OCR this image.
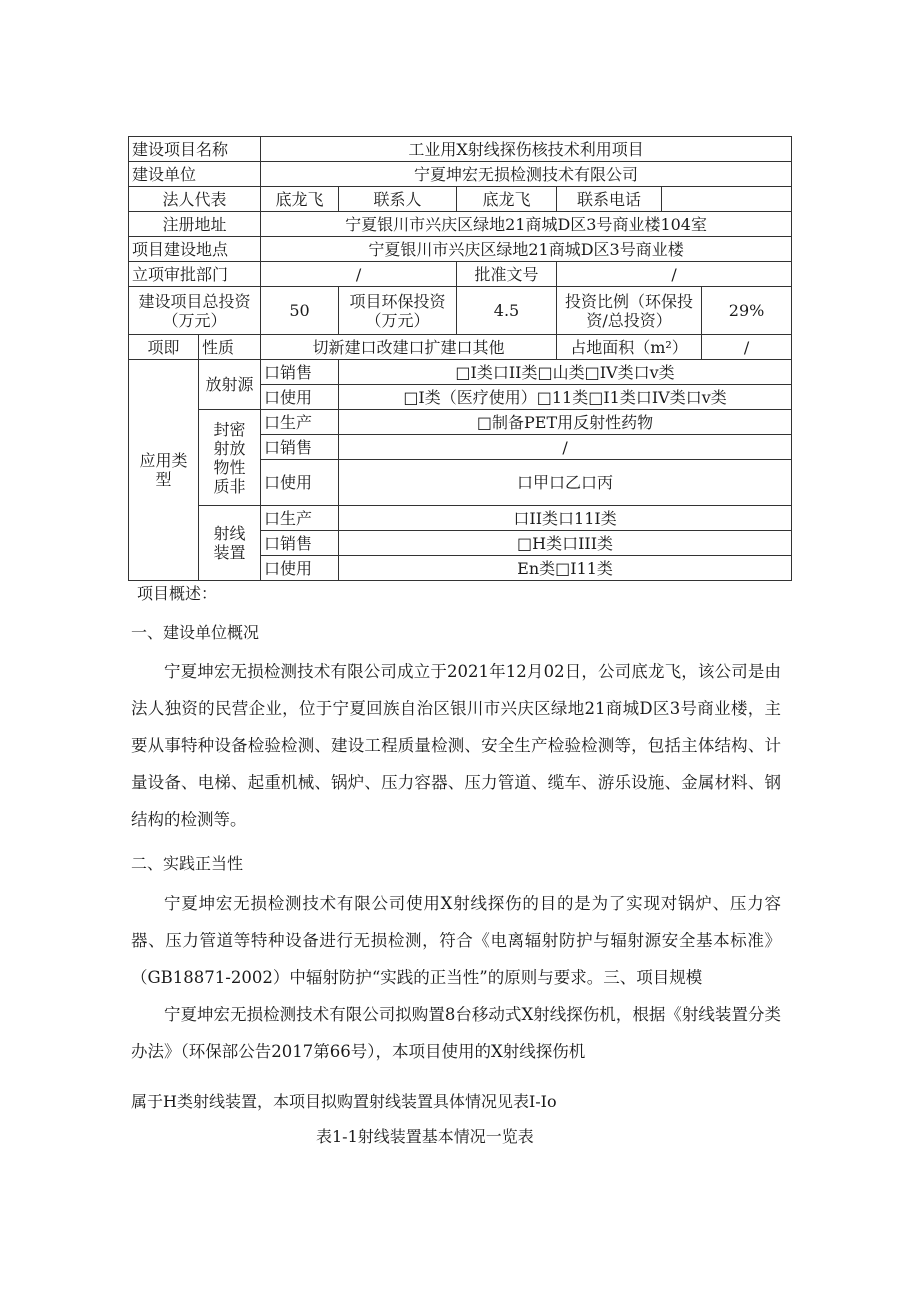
建设项目名称		工业用X射线探伤核技术利用项目					
建设单位		宁夏坤宏无损检测技术有限公司					
法人代表		底龙飞	联系人	底龙飞	联系电话		
注册地址		宁夏银川市兴庆区绿地21商城D区3号商业楼104室					
项目建设地点		宁夏银川市兴庆区绿地21商城D区3号商业楼					
立项审批部门		/		批准文号	/		
建设项目总投资（万元）		50	项目环保投资（万元）	4.5	投资比例（环保投资/总投资）		29%
项即	性质	切新建口改建口扩建口其他			占地面积（m²）		/
应用类型	放射源	口销售	□I类口II类□山类□IV类口v类				
		口使用	□I类（医疗使用）□11类□I1类口IV类口v类				
	封密射放物性质非	口生产	□制备PET用反射性药物				
		口销售	/				
		口使用	口甲口乙口丙				
	射线装置	口生产	口II类口11I类				
		口销售	□H类口III类				
		口使用	En类□I11类				
项目概述：
一、建设单位概况
宁夏坤宏无损检测技术有限公司成立于2021年12月02日，公司底龙飞，该公司是由法人独资的民营企业，位于宁夏回族自治区银川市兴庆区绿地21商城D区3号商业楼，主要从事特种设备检验检测、建设工程质量检测、安全生产检验检测等，包括主体结构、计量设备、电梯、起重机械、锅炉、压力容器、压力管道、缆车、游乐设施、金属材料、钢结构的检测等。
二、实践正当性
宁夏坤宏无损检测技术有限公司使用X射线探伤的目的是为了实现对锅炉、压力容器、压力管道等特种设备进行无损检测，符合《电离辐射防护与辐射源安全基本标准》（GB18871-2002）中辐射防护“实践的正当性”的原则与要求。三、项目规模
宁夏坤宏无损检测技术有限公司拟购置8台移动式X射线探伤机，根据《射线装置分类办法》（环保部公告2017第66号），本项目使用的X射线探伤机
属于H类射线装置，本项目拟购置射线装置具体情况见表I-Io
表1-1射线装置基本情况一览表
